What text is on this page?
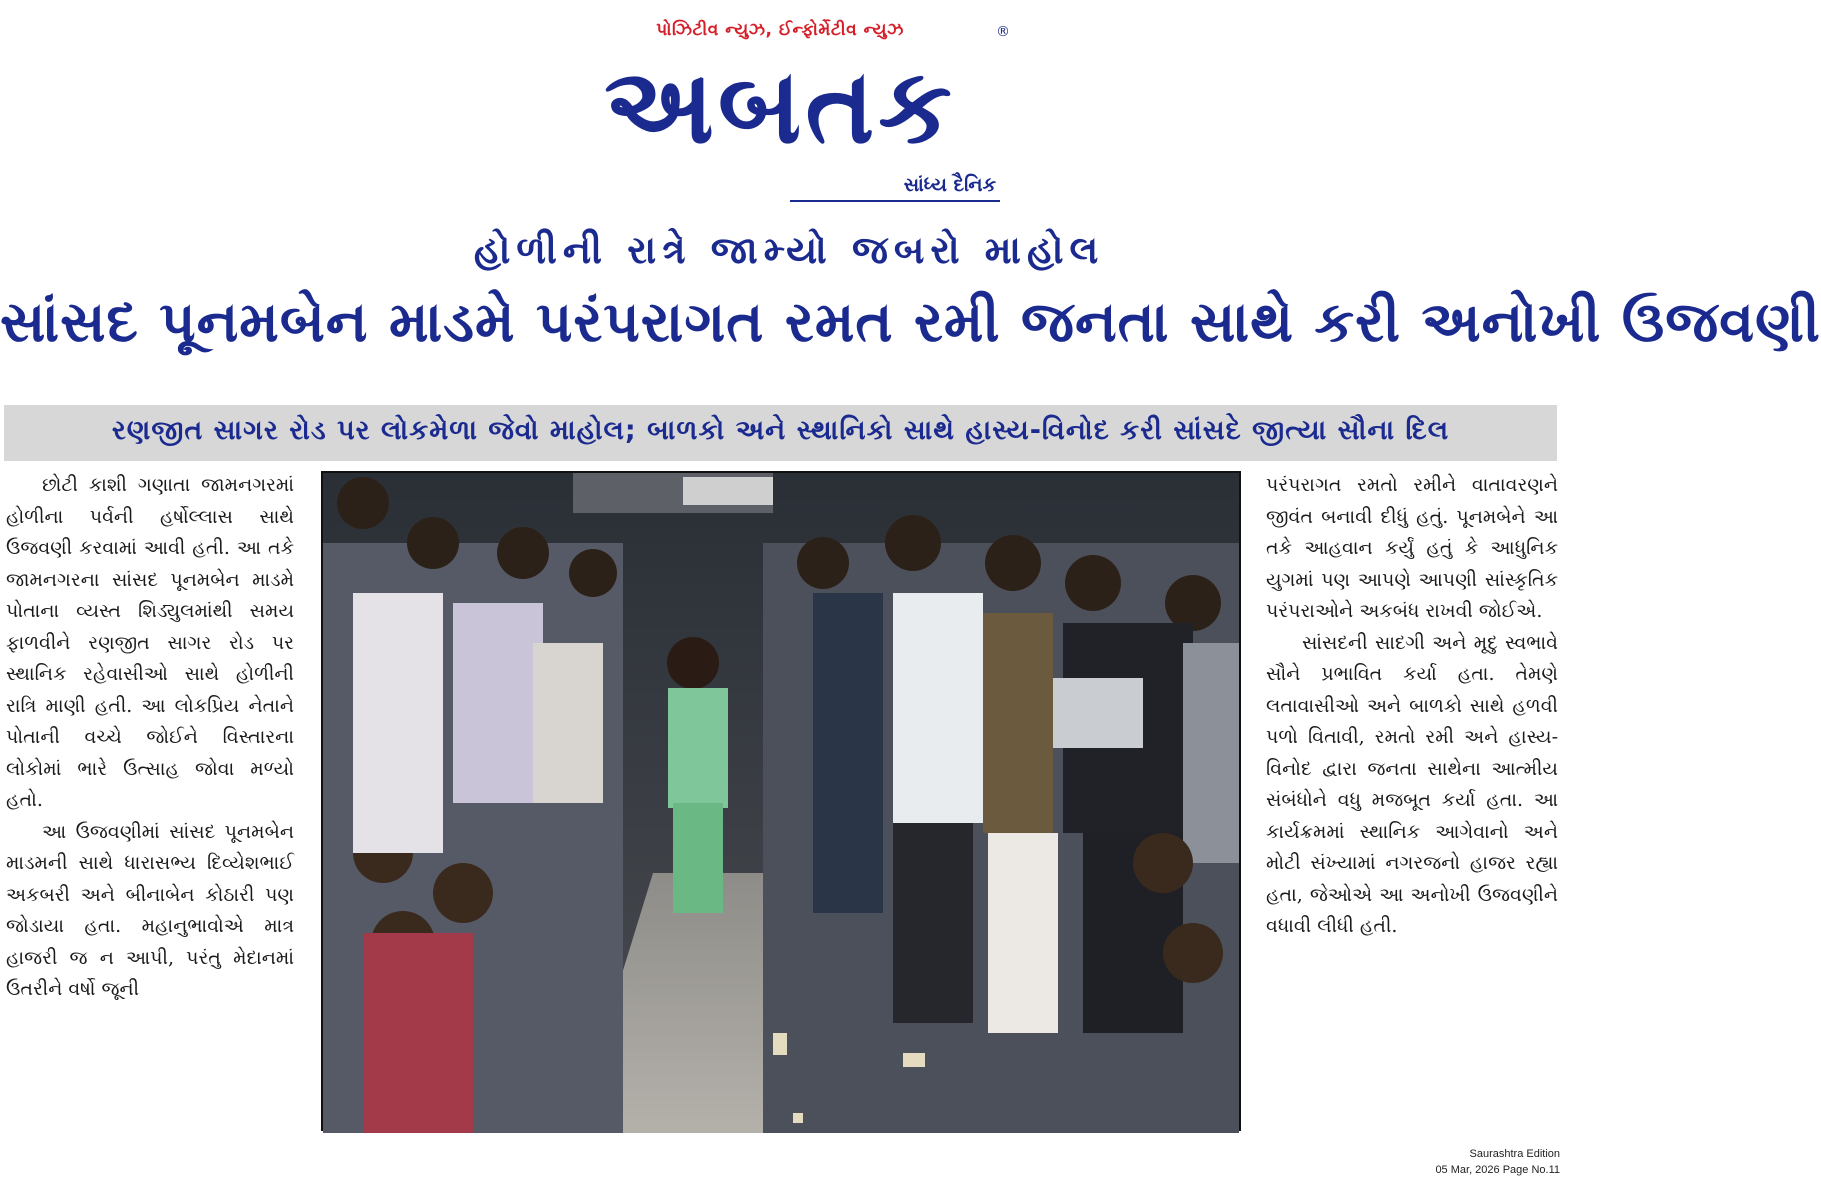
પોઝિટીવ ન્યુઝ, ઈન્ફોર્મેટીવ ન્યુઝ	®
અબતક
સાંધ્ય દૈનિક
હોળીની રાત્રે જામ્યો જબરો માહોલ
સાંસદ પૂનમબેન માડમે પરંપરાગત રમત રમી જનતા સાથે કરી અનોખી ઉજવણી
રણજીત સાગર રોડ પર લોકમેળા જેવો માહોલ; બાળકો અને સ્થાનિકો સાથે હાસ્ય-વિનોદ કરી સાંસદે જીત્યા સૌના દિલ

છોટી કાશી ગણાતા જામનગરમાં હોળીના પર્વની હર્ષોલ્લાસ સાથે ઉજવણી કરવામાં આવી હતી. આ તકે જામનગરના સાંસદ પૂનમબેન માડમે પોતાના વ્યસ્ત શિડ્યુલમાંથી સમય ફાળવીને રણજીત સાગર રોડ પર સ્થાનિક રહેવાસીઓ સાથે હોળીની રાત્રિ માણી હતી. આ લોકપ્રિય નેતાને પોતાની વચ્ચે જોઈને વિસ્તારના લોકોમાં ભારે ઉત્સાહ જોવા મળ્યો હતો.

આ ઉજવણીમાં સાંસદ પૂનમબેન માડમની સાથે ધારાસભ્ય દિવ્યેશભાઈ અકબરી અને બીનાબેન કોઠારી પણ જોડાયા હતા. મહાનુભાવોએ માત્ર હાજરી જ ન આપી, પરંતુ મેદાનમાં ઉતરીને વર્ષો જૂની

પરંપરાગત રમતો રમીને વાતાવરણને જીવંત બનાવી દીધું હતું. પૂનમબેને આ તકે આહવાન કર્યું હતું કે આધુનિક યુગમાં પણ આપણે આપણી સાંસ્કૃતિક પરંપરાઓને અકબંધ રાખવી જોઈએ.

સાંસદની સાદગી અને મૃદુ સ્વભાવે સૌને પ્રભાવિત કર્યા હતા. તેમણે લતાવાસીઓ અને બાળકો સાથે હળવી પળો વિતાવી, રમતો રમી અને હાસ્ય-વિનોદ દ્વારા જનતા સાથેના આત્મીય સંબંધોને વધુ મજબૂત કર્યા હતા. આ કાર્યક્રમમાં સ્થાનિક આગેવાનો અને મોટી સંખ્યામાં નગરજનો હાજર રહ્યા હતા, જેઓએ આ અનોખી ઉજવણીને વધાવી લીધી હતી.

Saurashtra Edition
05 Mar, 2026 Page No.11
